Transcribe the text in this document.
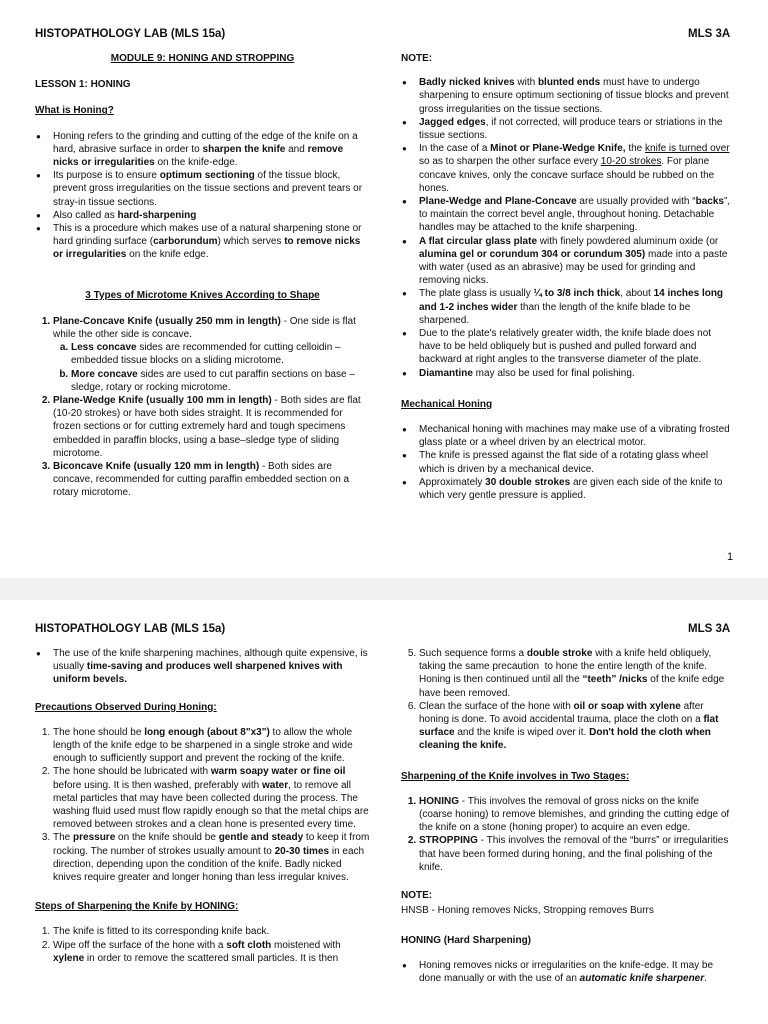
HISTOPATHOLOGY LAB (MLS 15a)	MLS 3A

MODULE 9: HONING AND STROPPING

LESSON 1: HONING

What is Honing?

● Honing refers to the grinding and cutting of the edge of the knife on a hard, abrasive surface in order to sharpen the knife and remove nicks or irregularities on the knife-edge.
● Its purpose is to ensure optimum sectioning of the tissue block, prevent gross irregularities on the tissue sections and prevent tears or stray-in tissue sections.
● Also called as hard-sharpening
● This is a procedure which makes use of a natural sharpening stone or hard grinding surface (carborundum) which serves to remove nicks or irregularities on the knife edge.

3 Types of Microtome Knives According to Shape

1. Plane-Concave Knife (usually 250 mm in length) - One side is flat while the other side is concave.
a. Less concave sides are recommended for cutting celloidin – embedded tissue blocks on a sliding microtome.
b. More concave sides are used to cut paraffin sections on base – sledge, rotary or rocking microtome.
2. Plane-Wedge Knife (usually 100 mm in length) - Both sides are flat (10-20 strokes) or have both sides straight. It is recommended for frozen sections or for cutting extremely hard and tough specimens embedded in paraffin blocks, using a base–sledge type of sliding microtome.
3. Biconcave Knife (usually 120 mm in length) - Both sides are concave, recommended for cutting paraffin embedded section on a rotary microtome.

NOTE:

● Badly nicked knives with blunted ends must have to undergo sharpening to ensure optimum sectioning of tissue blocks and prevent gross irregularities on the tissue sections.
● Jagged edges, if not corrected, will produce tears or striations in the tissue sections.
● In the case of a Minot or Plane-Wedge Knife, the knife is turned over so as to sharpen the other surface every 10-20 strokes. For plane concave knives, only the concave surface should be rubbed on the hones.
● Plane-Wedge and Plane-Concave are usually provided with “backs”, to maintain the correct bevel angle, throughout honing. Detachable handles may be attached to the knife sharpening.
● A flat circular glass plate with finely powdered aluminum oxide (or alumina gel or corundum 304 or corundum 305) made into a paste with water (used as an abrasive) may be used for grinding and removing nicks.
● The plate glass is usually ¼ to 3/8 inch thick, about 14 inches long and 1-2 inches wider than the length of the knife blade to be sharpened.
● Due to the plate's relatively greater width, the knife blade does not have to be held obliquely but is pushed and pulled forward and backward at right angles to the transverse diameter of the plate.
● Diamantine may also be used for final polishing.

Mechanical Honing

● Mechanical honing with machines may make use of a vibrating frosted glass plate or a wheel driven by an electrical motor.
● The knife is pressed against the flat side of a rotating glass wheel which is driven by a mechanical device.
● Approximately 30 double strokes are given each side of the knife to which very gentle pressure is applied.
1
HISTOPATHOLOGY LAB (MLS 15a)	MLS 3A
● The use of the knife sharpening machines, although quite expensive, is usually time-saving and produces well sharpened knives with uniform bevels.

Precautions Observed During Honing:

1. The hone should be long enough (about 8"x3") to allow the whole length of the knife edge to be sharpened in a single stroke and wide enough to sufficiently support and prevent the rocking of the knife.
2. The hone should be lubricated with warm soapy water or fine oil before using. It is then washed, preferably with water, to remove all metal particles that may have been collected during the process. The washing fluid used must flow rapidly enough so that the metal chips are removed between strokes and a clean hone is presented every time.
3. The pressure on the knife should be gentle and steady to keep it from rocking. The number of strokes usually amount to 20-30 times in each direction, depending upon the condition of the knife. Badly nicked knives require greater and longer honing than less irregular knives.

Steps of Sharpening the Knife by HONING:

1. The knife is fitted to its corresponding knife back.
2. Wipe off the surface of the hone with a soft cloth moistened with xylene in order to remove the scattered small particles. It is then
5. Such sequence forms a double stroke with a knife held obliquely, taking the same precaution  to hone the entire length of the knife. Honing is then continued until all the “teeth” /nicks of the knife edge have been removed.
6. Clean the surface of the hone with oil or soap with xylene after honing is done. To avoid accidental trauma, place the cloth on a flat surface and the knife is wiped over it. Don't hold the cloth when cleaning the knife.

Sharpening of the Knife involves in Two Stages:

1. HONING - This involves the removal of gross nicks on the knife (coarse honing) to remove blemishes, and grinding the cutting edge of the knife on a stone (honing proper) to acquire an even edge.
2. STROPPING - This involves the removal of the “burrs” or irregularities that have been formed during honing, and the final polishing of the knife.

NOTE:

HNSB - Honing removes Nicks, Stropping removes Burrs

HONING (Hard Sharpening)

● Honing removes nicks or irregularities on the knife-edge. It may be done manually or with the use of an automatic knife sharpener.
